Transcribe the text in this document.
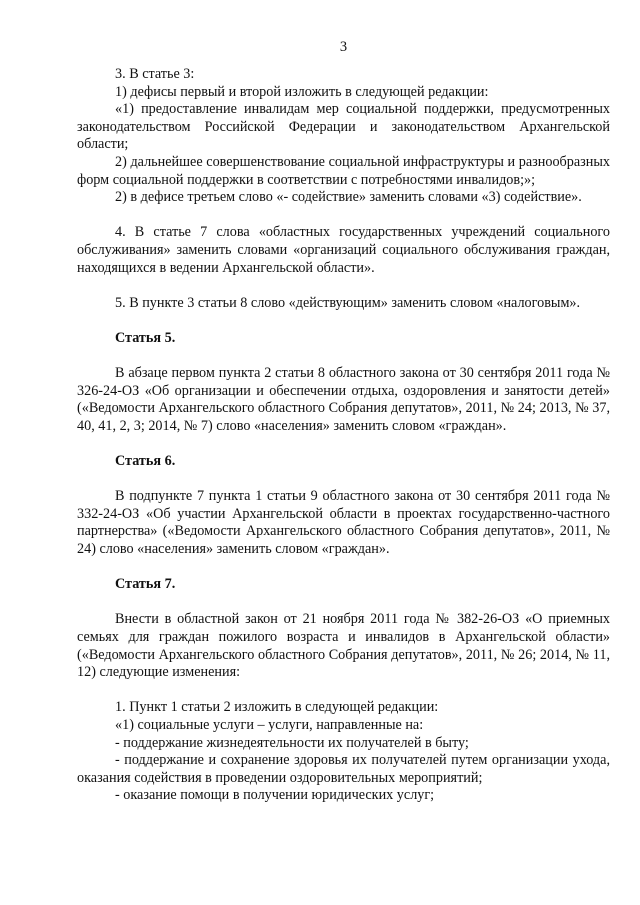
3

3. В статье 3:

1) дефисы первый и второй изложить в следующей редакции:

«1) предоставление инвалидам мер социальной поддержки, предусмотренных законодательством Российской Федерации и законодательством Архангельской области;

2) дальнейшее совершенствование социальной инфраструктуры и разнообразных форм социальной поддержки в соответствии с потребностями инвалидов;»;

2) в дефисе третьем слово «- содействие» заменить словами «3) содействие».

4. В статье 7 слова «областных государственных учреждений социального обслуживания» заменить словами «организаций социального обслуживания граждан, находящихся в ведении Архангельской области».

5. В пункте 3 статьи 8 слово «действующим» заменить словом «налоговым».

Статья 5.

В абзаце первом пункта 2 статьи 8 областного закона от 30 сентября 2011 года № 326-24-ОЗ «Об организации и обеспечении отдыха, оздоровления и занятости детей» («Ведомости Архангельского областного Собрания депутатов», 2011, № 24; 2013, № 37, 40, 41, 2, 3; 2014, № 7) слово «населения» заменить словом «граждан».

Статья 6.

В подпункте 7 пункта 1 статьи 9 областного закона от 30 сентября 2011 года № 332-24-ОЗ «Об участии Архангельской области в проектах государственно-частного партнерства» («Ведомости Архангельского областного Собрания депутатов», 2011, № 24) слово «населения» заменить словом «граждан».

Статья 7.

Внести в областной закон от 21 ноября 2011 года № 382-26-ОЗ «О приемных семьях для граждан пожилого возраста и инвалидов в Архангельской области» («Ведомости Архангельского областного Собрания депутатов», 2011, № 26; 2014, № 11, 12) следующие изменения:

1. Пункт 1 статьи 2 изложить в следующей редакции:

«1) социальные услуги – услуги, направленные на:

- поддержание жизнедеятельности их получателей в быту;

- поддержание и сохранение здоровья их получателей путем организации ухода, оказания содействия в проведении оздоровительных мероприятий;

- оказание помощи в получении юридических услуг;
